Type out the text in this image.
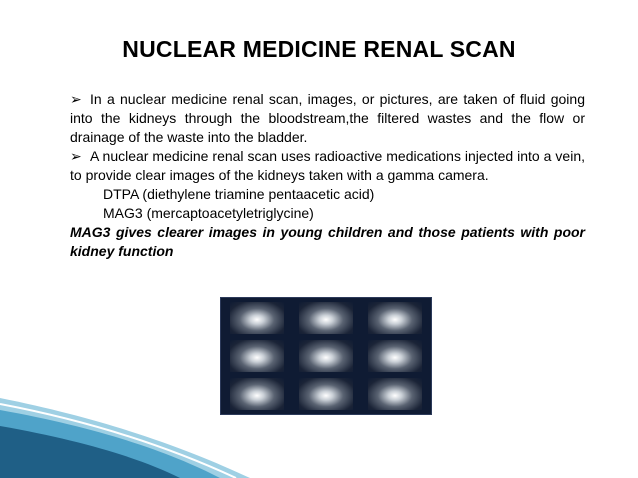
NUCLEAR MEDICINE RENAL SCAN

➢ In a nuclear medicine renal scan, images, or pictures, are taken of fluid going into the kidneys through the bloodstream,the filtered wastes and the flow or drainage of the waste into the bladder.

➢ A nuclear medicine renal scan uses radioactive medications injected into a vein, to provide clear images of the kidneys taken with a gamma camera.

DTPA (diethylene triamine pentaacetic acid)

MAG3 (mercaptoacetyletriglycine)

MAG3 gives clearer images in young children and those patients with poor kidney function
